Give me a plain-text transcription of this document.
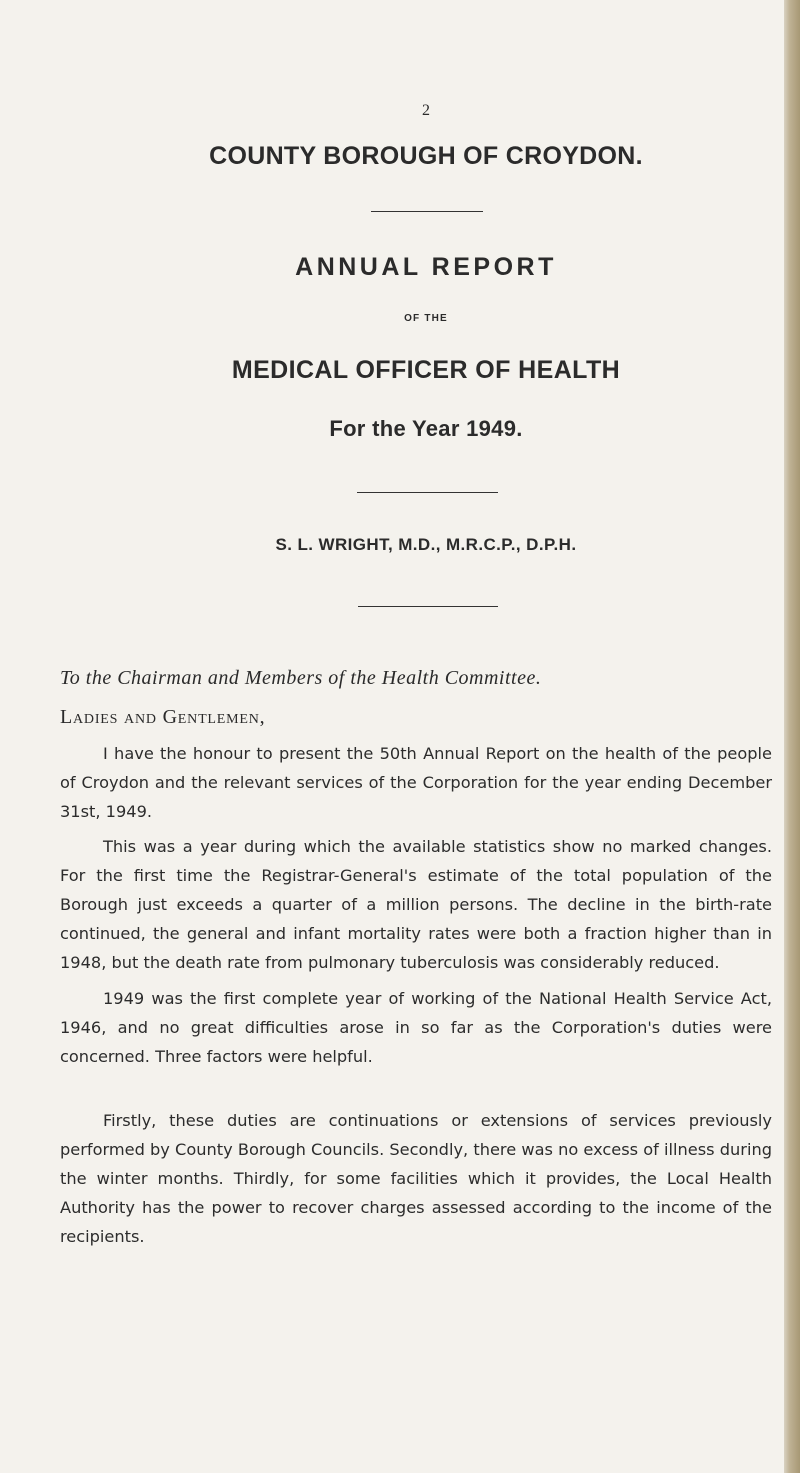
2
COUNTY BOROUGH OF CROYDON.
ANNUAL REPORT
OF THE
MEDICAL OFFICER OF HEALTH
For the Year 1949.
S. L. WRIGHT, M.D., M.R.C.P., D.P.H.
To the Chairman and Members of the Health Committee.
Ladies and Gentlemen,

I have the honour to present the 50th Annual Report on the health of the people of Croydon and the relevant services of the Corporation for the year ending December 31st, 1949.

This was a year during which the available statistics show no marked changes. For the first time the Registrar-General's estimate of the total population of the Borough just exceeds a quarter of a million persons. The decline in the birth-rate continued, the general and infant mortality rates were both a fraction higher than in 1948, but the death rate from pulmonary tuberculosis was considerably reduced.

1949 was the first complete year of working of the National Health Service Act, 1946, and no great difficulties arose in so far as the Corporation's duties were concerned. Three factors were helpful.

Firstly, these duties are continuations or extensions of services previously performed by County Borough Councils. Secondly, there was no excess of illness during the winter months. Thirdly, for some facilities which it provides, the Local Health Authority has the power to recover charges assessed according to the income of the recipients.
